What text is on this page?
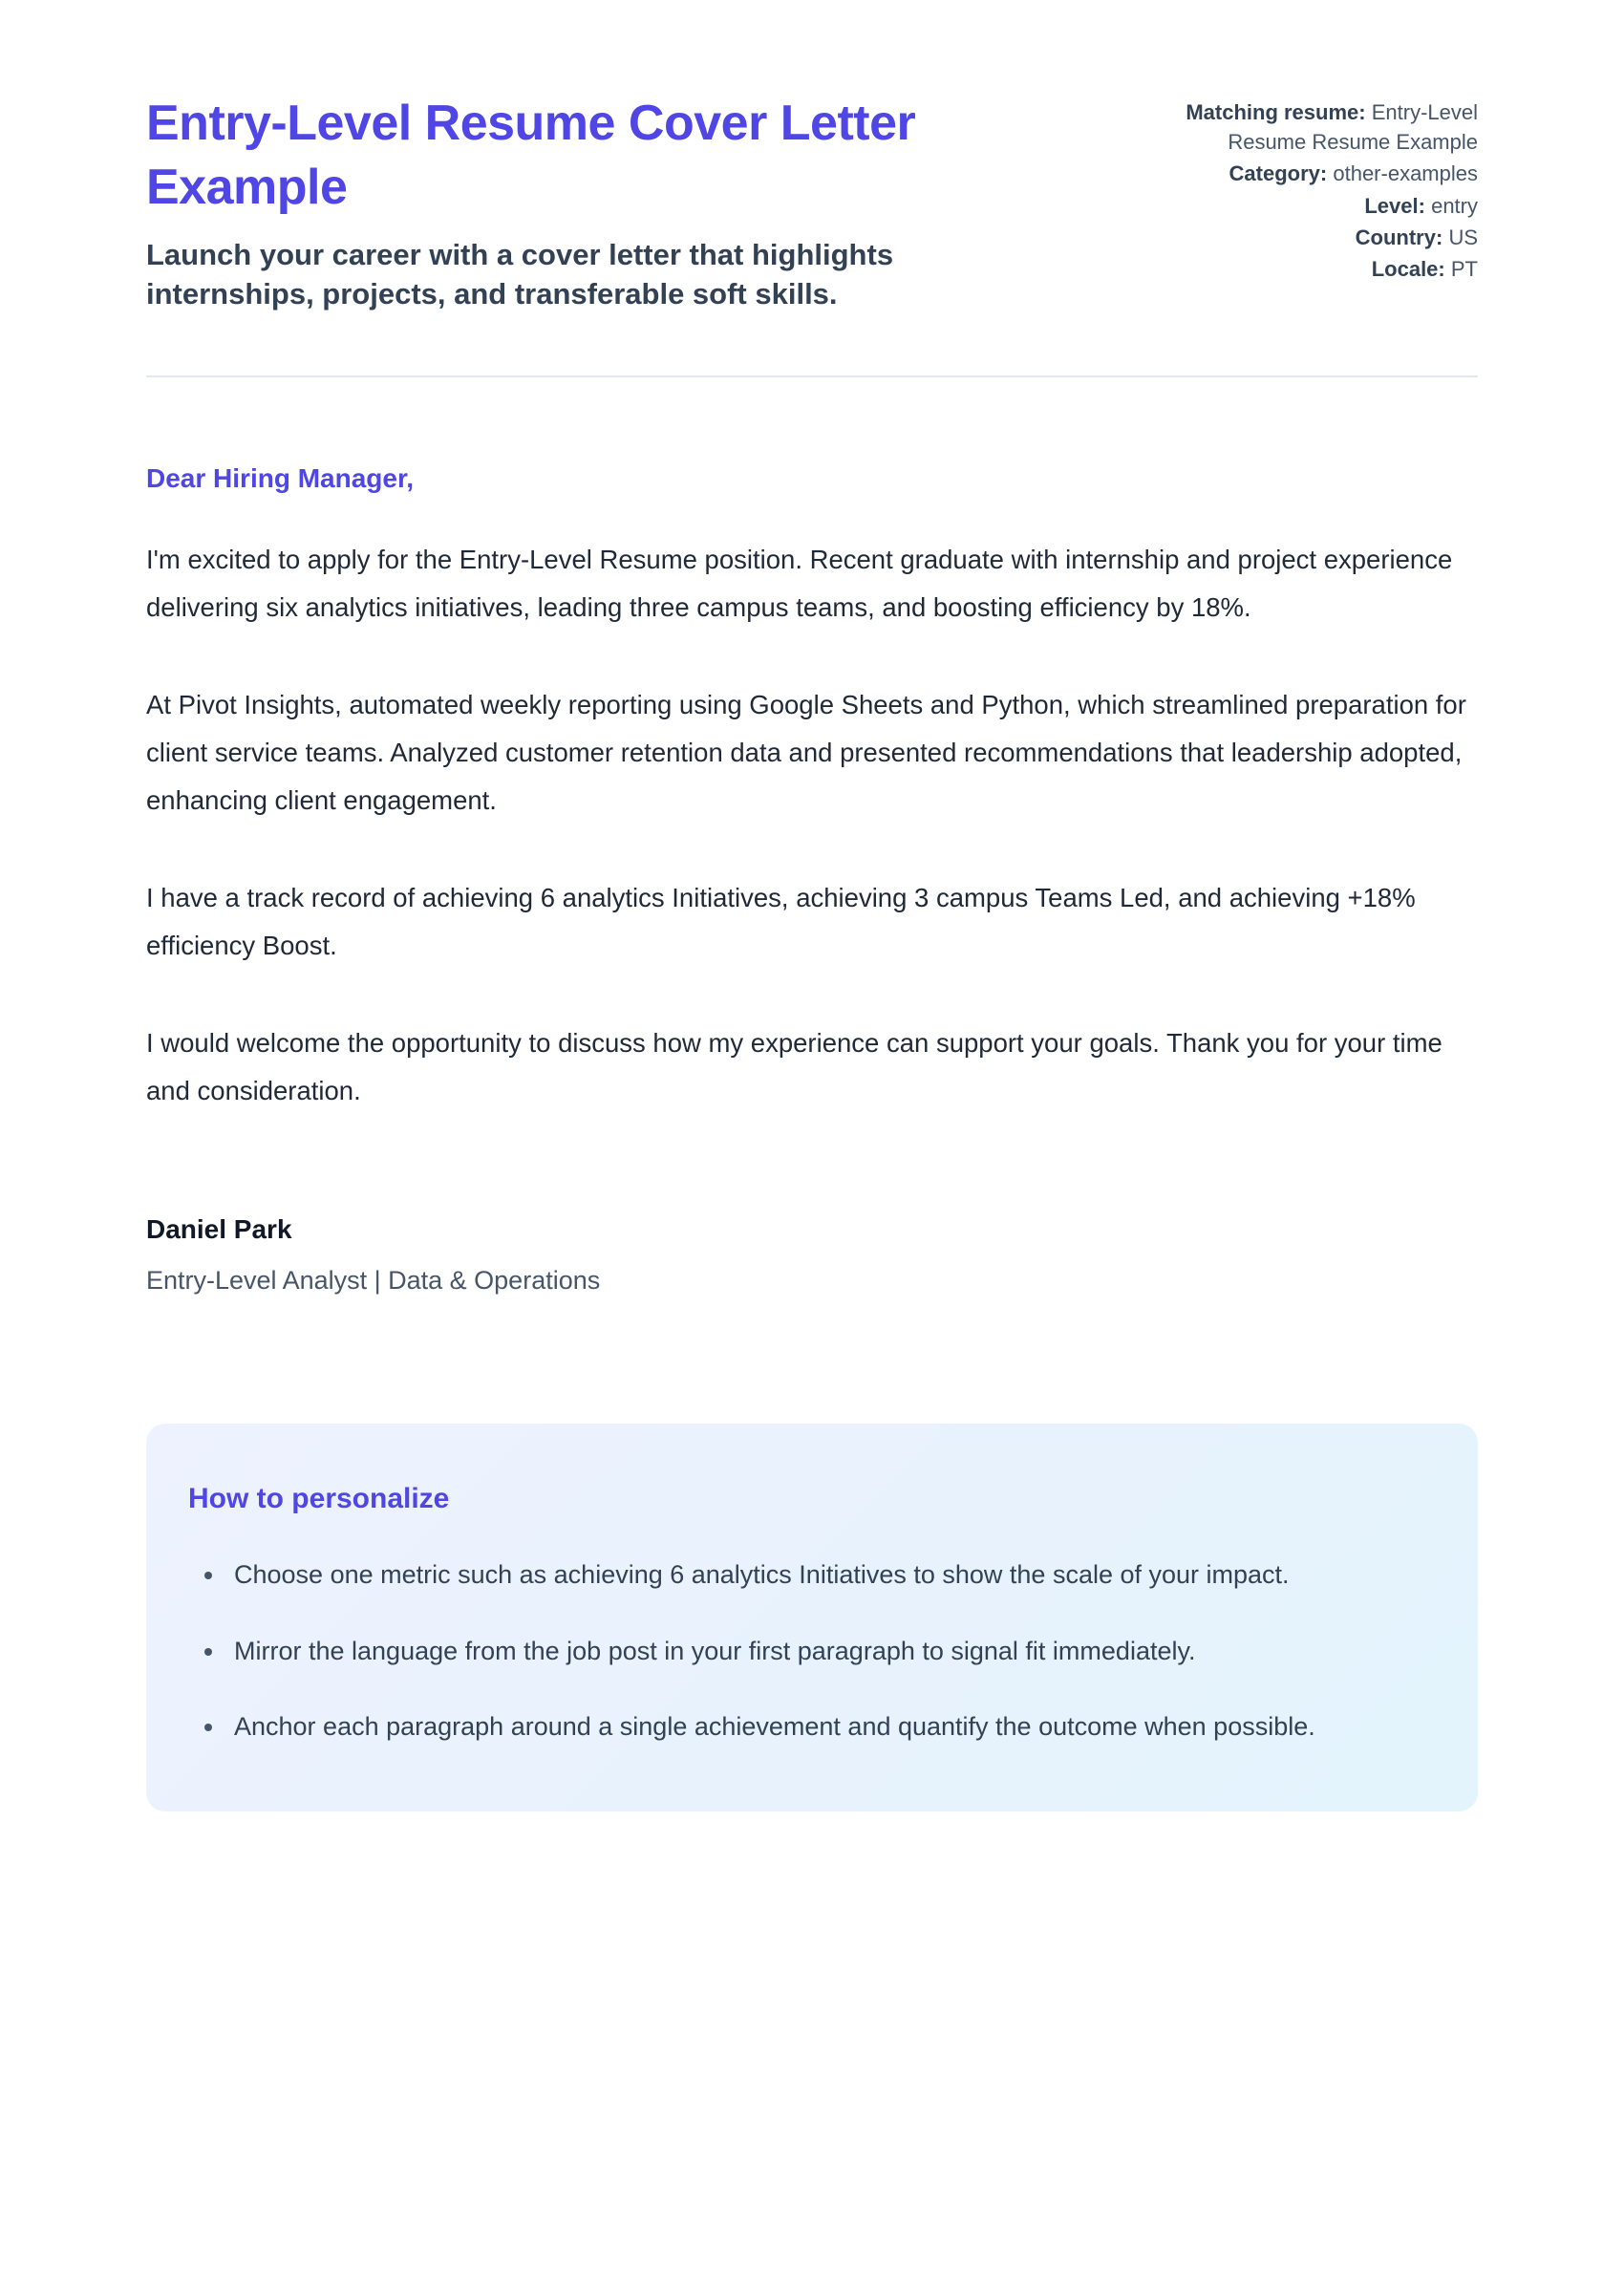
Entry-Level Resume Cover Letter Example
Launch your career with a cover letter that highlights internships, projects, and transferable soft skills.
Matching resume: Entry-Level Resume Resume Example
Category: other-examples
Level: entry
Country: US
Locale: PT
Dear Hiring Manager,

I'm excited to apply for the Entry-Level Resume position. Recent graduate with internship and project experience delivering six analytics initiatives, leading three campus teams, and boosting efficiency by 18%.

At Pivot Insights, automated weekly reporting using Google Sheets and Python, which streamlined preparation for client service teams. Analyzed customer retention data and presented recommendations that leadership adopted, enhancing client engagement.

I have a track record of achieving 6 analytics Initiatives, achieving 3 campus Teams Led, and achieving +18% efficiency Boost.

I would welcome the opportunity to discuss how my experience can support your goals. Thank you for your time and consideration.

Daniel Park
Entry-Level Analyst | Data & Operations
How to personalize
• Choose one metric such as achieving 6 analytics Initiatives to show the scale of your impact.
• Mirror the language from the job post in your first paragraph to signal fit immediately.
• Anchor each paragraph around a single achievement and quantify the outcome when possible.
